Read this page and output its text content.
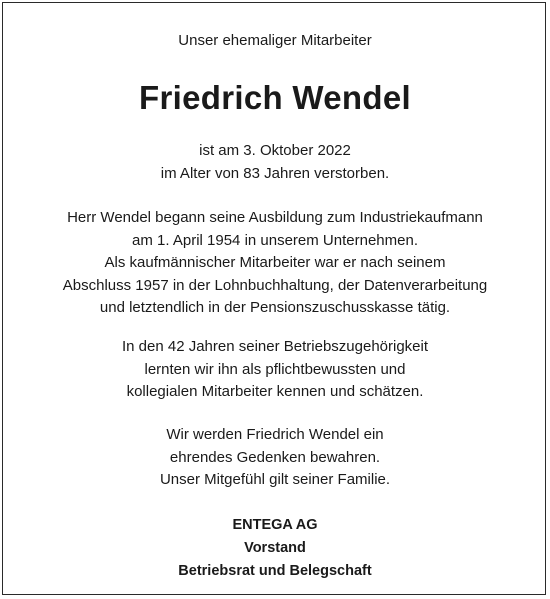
Unser ehemaliger Mitarbeiter
Friedrich Wendel
ist am 3. Oktober 2022
im Alter von 83 Jahren verstorben.
Herr Wendel begann seine Ausbildung zum Industriekaufmann
am 1. April 1954 in unserem Unternehmen.
Als kaufmännischer Mitarbeiter war er nach seinem
Abschluss 1957 in der Lohnbuchhaltung, der Datenverarbeitung
und letztendlich in der Pensionszuschusskasse tätig.
In den 42 Jahren seiner Betriebszugehörigkeit
lernten wir ihn als pflichtbewussten und
kollegialen Mitarbeiter kennen und schätzen.
Wir werden Friedrich Wendel ein
ehrendes Gedenken bewahren.
Unser Mitgefühl gilt seiner Familie.
ENTEGA AG
Vorstand
Betriebsrat und Belegschaft
